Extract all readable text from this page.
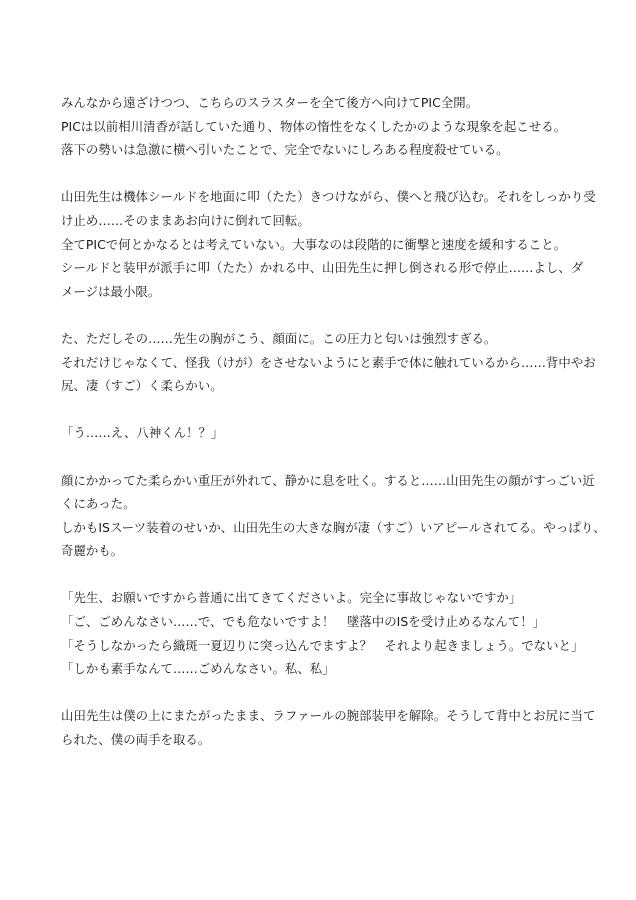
みんなから遠ざけつつ、こちらのスラスターを全て後方へ向けてPIC全開。
PICは以前相川清香が話していた通り、物体の惰性をなくしたかのような現象を起こせる。
落下の勢いは急激に横へ引いたことで、完全でないにしろある程度殺せている。
山田先生は機体シールドを地面に叩（たた）きつけながら、僕へと飛び込む。それをしっかり受
け止め……そのままあお向けに倒れて回転。
全てPICで何とかなるとは考えていない。大事なのは段階的に衝撃と速度を緩和すること。
シールドと装甲が派手に叩（たた）かれる中、山田先生に押し倒される形で停止……よし、ダ
メージは最小限。
た、ただしその……先生の胸がこう、顔面に。この圧力と匂いは強烈すぎる。
それだけじゃなくて、怪我（けが）をさせないようにと素手で体に触れているから……背中やお
尻、凄（すご）く柔らかい。
「う……え、八神くん！？」
顔にかかってた柔らかい重圧が外れて、静かに息を吐く。すると……山田先生の顔がすっごい近
くにあった。
しかもISスーツ装着のせいか、山田先生の大きな胸が凄（すご）いアピールされてる。やっぱり、
奇麗かも。
「先生、お願いですから普通に出てきてくださいよ。完全に事故じゃないですか」
「ご、ごめんなさい……で、でも危ないですよ！　墜落中のISを受け止めるなんて！」
「そうしなかったら織斑一夏辺りに突っ込んでますよ？　それより起きましょう。でないと」
「しかも素手なんて……ごめんなさい。私、私」
山田先生は僕の上にまたがったまま、ラファールの腕部装甲を解除。そうして背中とお尻に当て
られた、僕の両手を取る。
